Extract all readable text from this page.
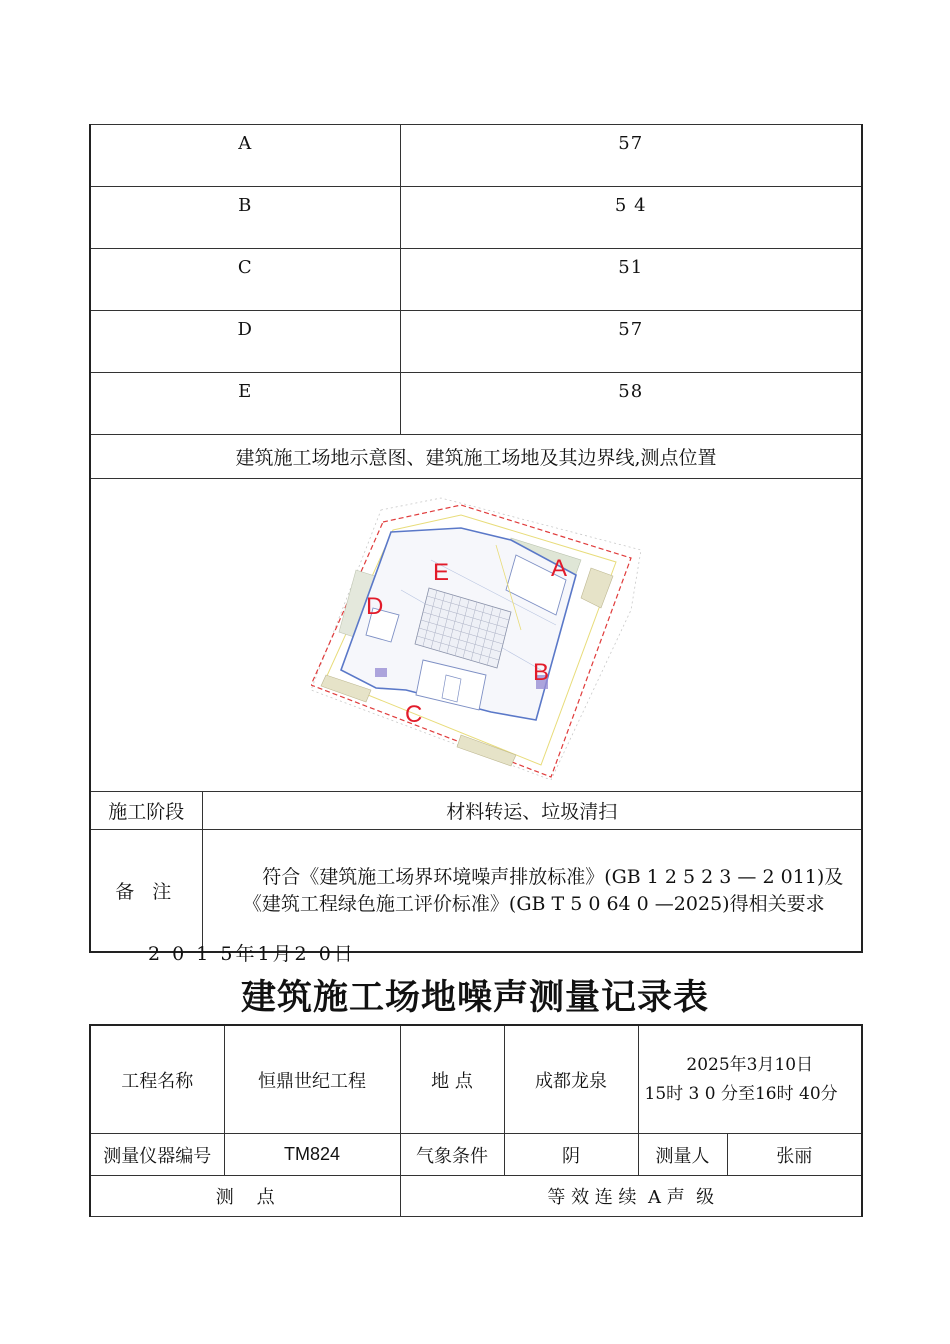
A		57
B		5 4
C		51
D		57
E		58
建筑施工场地示意图、建筑施工场地及其边界线,测点位置		

A
E
D
B
C		

施工阶段	材料转运、垃圾清扫	
备 注	符合《建筑施工场界环境噪声排放标准》(GB 1 2 5 2 3 — 2 011)及
《建筑工程绿色施工评价标准》(GB T 5 0 64 0 —2025)得相关要求	
2 0 1 5年1月2 0日
建筑施工场地噪声测量记录表
工程名称	恒鼎世纪工程	地 点	成都龙泉	2025年3月10日
15时 3 0 分至16时 40分	
测量仪器编号	TM824	气象条件	阴	测量人	张丽
测    点		等 效 连 续  A 声  级			
